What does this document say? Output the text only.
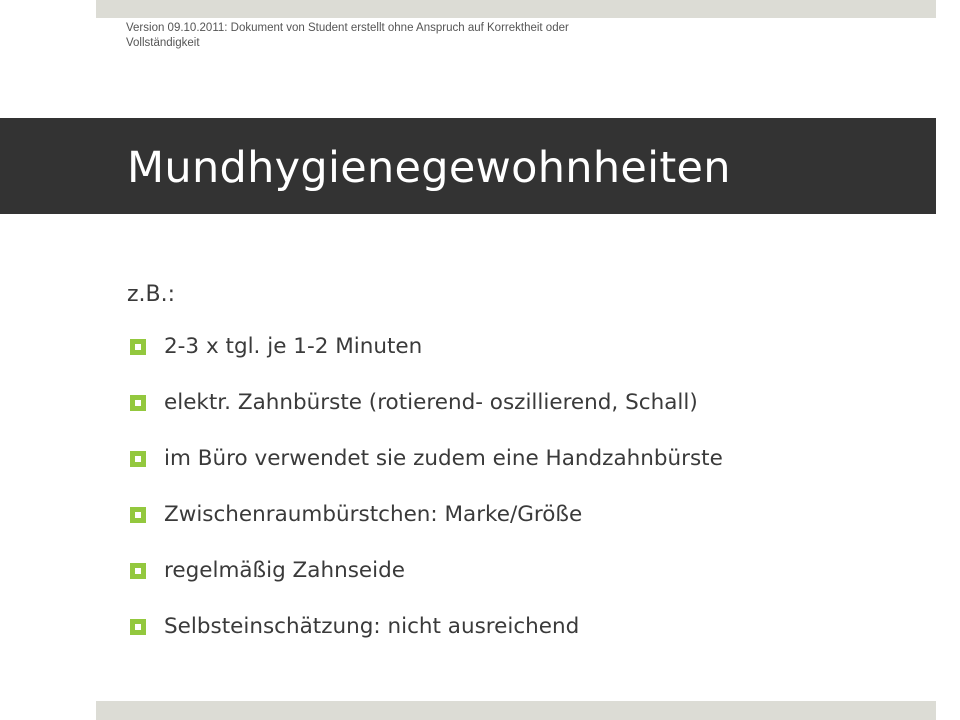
Version 09.10.2011: Dokument von Student erstellt ohne Anspruch auf Korrektheit oder Vollständigkeit
Mundhygienegewohnheiten
z.B.:
2-3 x tgl. je 1-2 Minuten
elektr. Zahnbürste (rotierend- oszillierend, Schall)
im Büro verwendet sie zudem eine Handzahnbürste
Zwischenraumbürstchen: Marke/Größe
regelmäßig Zahnseide
Selbsteinschätzung: nicht ausreichend
